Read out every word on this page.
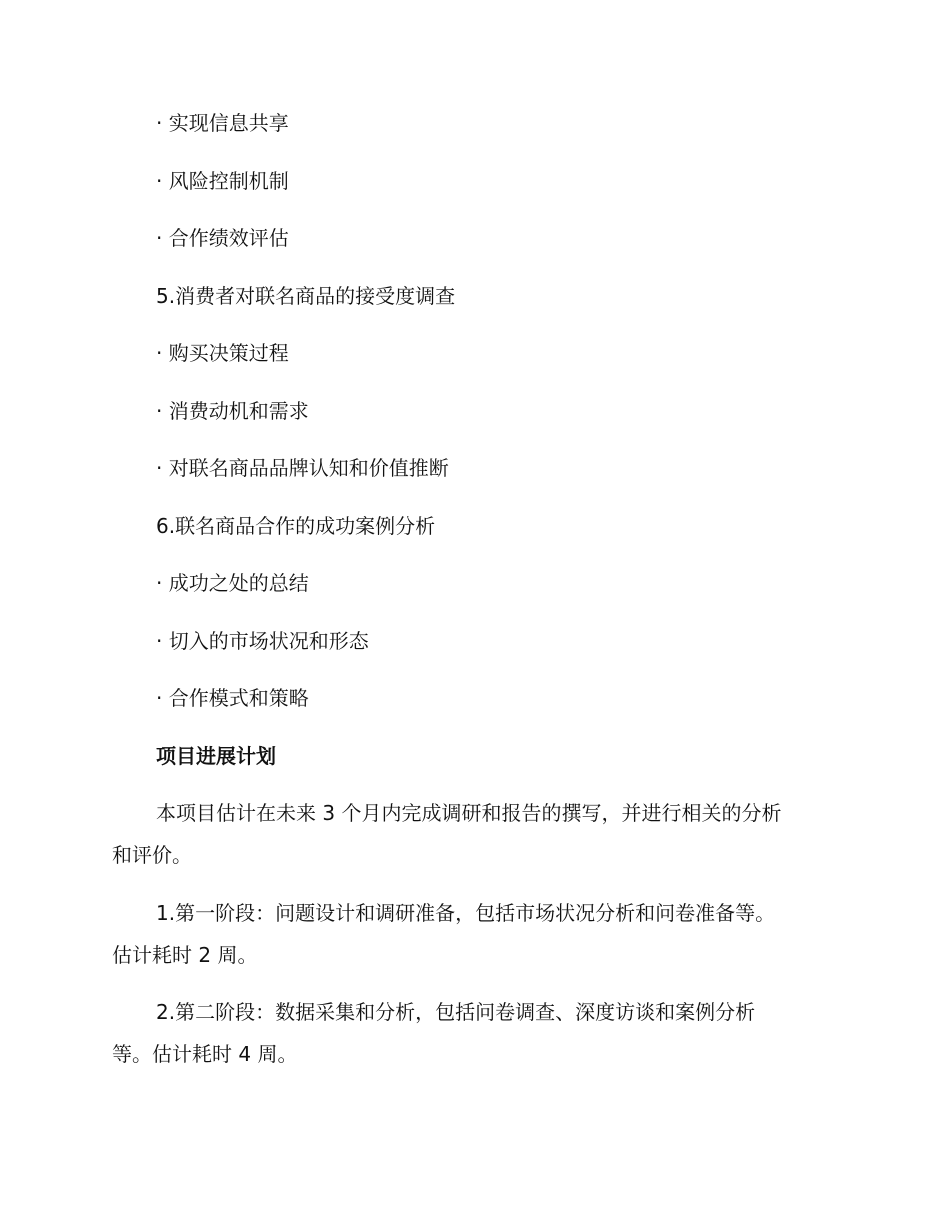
· 实现信息共享
· 风险控制机制
· 合作绩效评估
5.消费者对联名商品的接受度调查
· 购买决策过程
· 消费动机和需求
· 对联名商品品牌认知和价值推断
6.联名商品合作的成功案例分析
· 成功之处的总结
· 切入的市场状况和形态
· 合作模式和策略
项目进展计划
本项目估计在未来 3 个月内完成调研和报告的撰写，并进行相关的分析
和评价。
1.第一阶段：问题设计和调研准备，包括市场状况分析和问卷准备等。
估计耗时 2 周。
2.第二阶段：数据采集和分析，包括问卷调查、深度访谈和案例分析
等。估计耗时 4 周。
